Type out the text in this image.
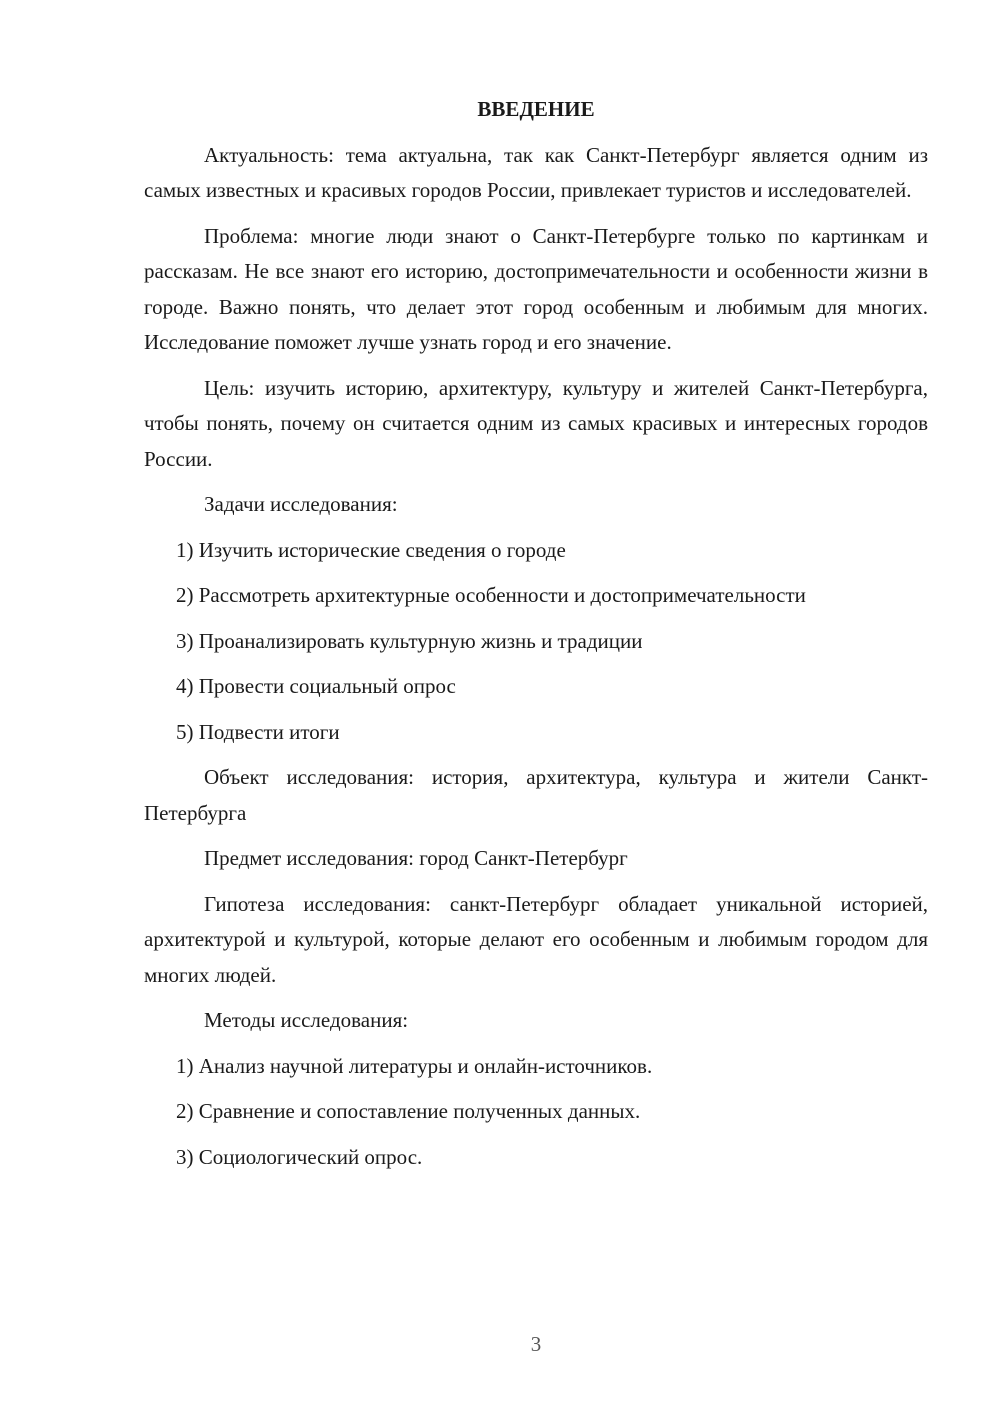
ВВЕДЕНИЕ

Актуальность: тема актуальна, так как Санкт-Петербург является одним из самых известных и красивых городов России, привлекает туристов и исследователей.

Проблема: многие люди знают о Санкт-Петербурге только по картинкам и рассказам. Не все знают его историю, достопримечательности и особенности жизни в городе. Важно понять, что делает этот город особенным и любимым для многих. Исследование поможет лучше узнать город и его значение.

Цель: изучить историю, архитектуру, культуру и жителей Санкт-Петербурга, чтобы понять, почему он считается одним из самых красивых и интересных городов России.

Задачи исследования:

1) Изучить исторические сведения о городе

2) Рассмотреть архитектурные особенности и достопримечательности

3) Проанализировать культурную жизнь и традиции

4) Провести социальный опрос

5) Подвести итоги

Объект исследования: история, архитектура, культура и жители Санкт-Петербурга

Предмет исследования: город Санкт-Петербург

Гипотеза исследования: санкт-Петербург обладает уникальной историей, архитектурой и культурой, которые делают его особенным и любимым городом для многих людей.

Методы исследования:

1) Анализ научной литературы и онлайн-источников.

2) Сравнение и сопоставление полученных данных.

3) Социологический опрос.

3
